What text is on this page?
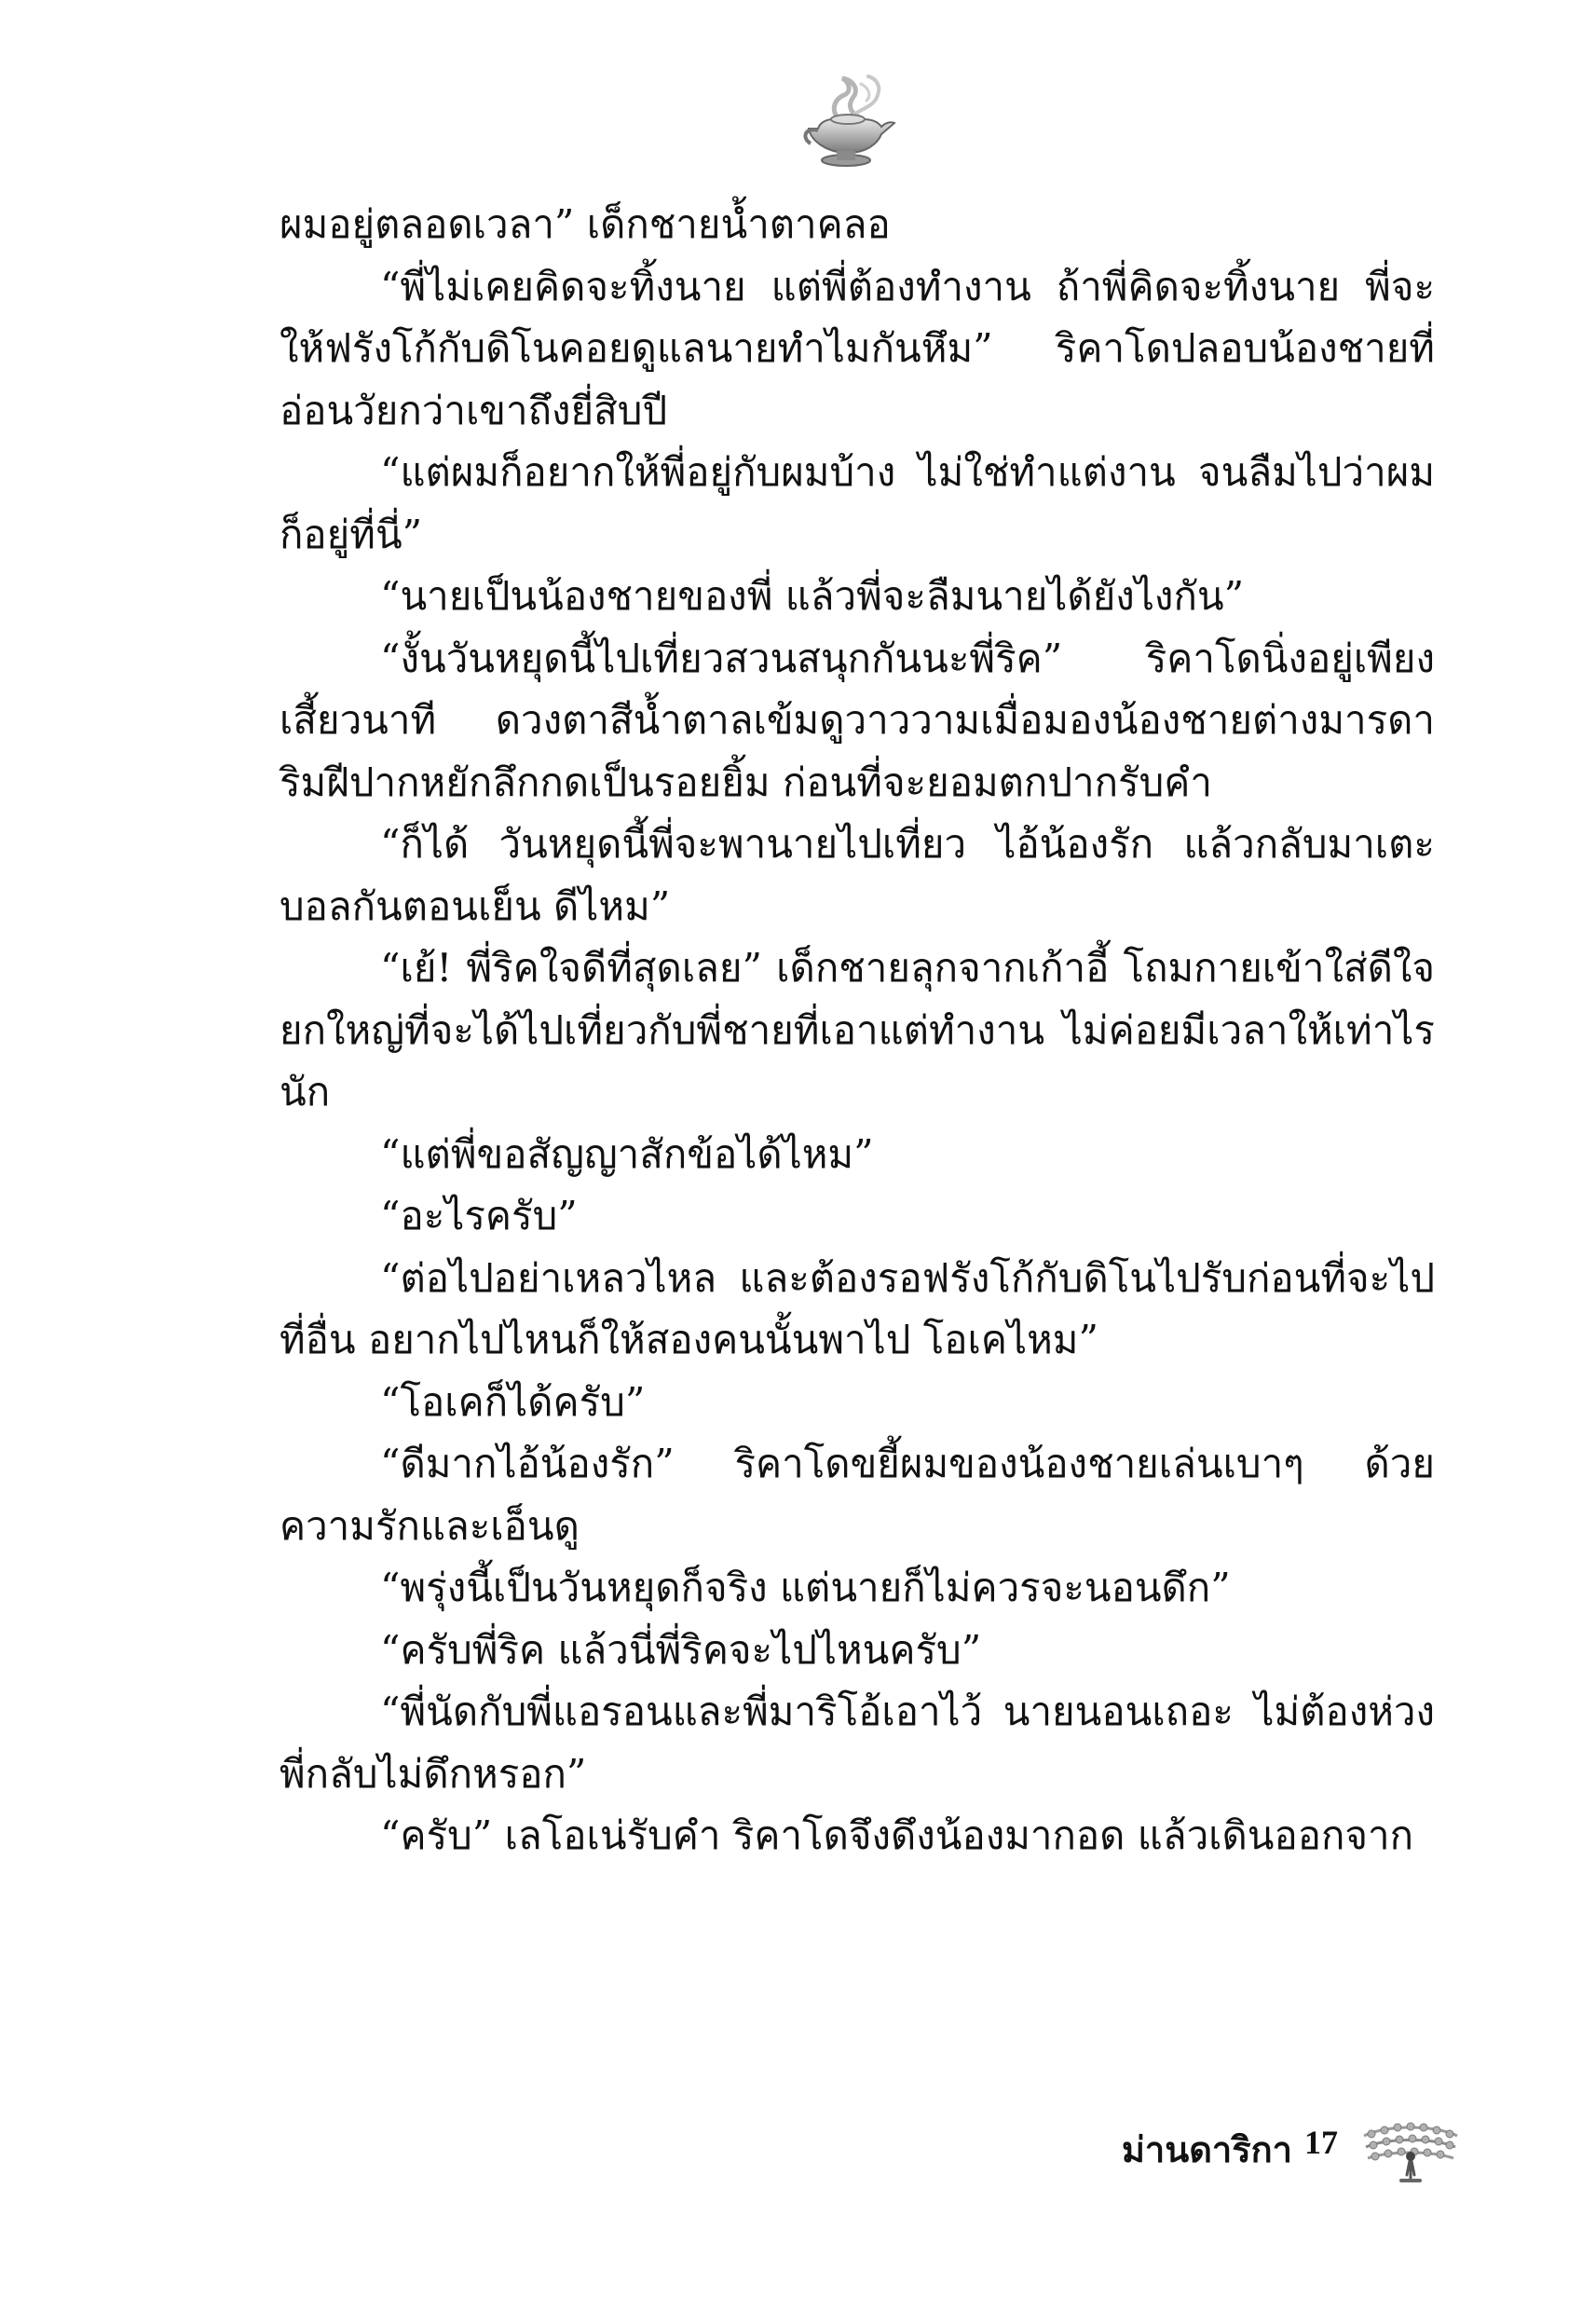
ผมอยู่ตลอดเวลา” เด็กชายน้ำตาคลอ

“พี่ไม่เคยคิดจะทิ้งนาย แต่พี่ต้องทำงาน ถ้าพี่คิดจะทิ้งนาย พี่จะให้ฟรังโก้กับดิโนคอยดูแลนายทำไมกันหึม” ริคาโดปลอบน้องชายที่อ่อนวัยกว่าเขาถึงยี่สิบปี

“แต่ผมก็อยากให้พี่อยู่กับผมบ้าง ไม่ใช่ทำแต่งาน จนลืมไปว่าผมก็อยู่ที่นี่”

“นายเป็นน้องชายของพี่ แล้วพี่จะลืมนายได้ยังไงกัน”

“งั้นวันหยุดนี้ไปเที่ยวสวนสนุกกันนะพี่ริค” ริคาโดนิ่งอยู่เพียงเสี้ยวนาที ดวงตาสีน้ำตาลเข้มดูวาววามเมื่อมองน้องชายต่างมารดา ริมฝีปากหยักลึกกดเป็นรอยยิ้ม ก่อนที่จะยอมตกปากรับคำ

“ก็ได้ วันหยุดนี้พี่จะพานายไปเที่ยว ไอ้น้องรัก แล้วกลับมาเตะบอลกันตอนเย็น ดีไหม”

“เย้! พี่ริคใจดีที่สุดเลย” เด็กชายลุกจากเก้าอี้ โถมกายเข้าใส่ดีใจยกใหญ่ที่จะได้ไปเที่ยวกับพี่ชายที่เอาแต่ทำงาน ไม่ค่อยมีเวลาให้เท่าไรนัก

“แต่พี่ขอสัญญาสักข้อได้ไหม”

“อะไรครับ”

“ต่อไปอย่าเหลวไหล และต้องรอฟรังโก้กับดิโนไปรับก่อนที่จะไปที่อื่น อยากไปไหนก็ให้สองคนนั้นพาไป โอเคไหม”

“โอเคก็ได้ครับ”

“ดีมากไอ้น้องรัก” ริคาโดขยี้ผมของน้องชายเล่นเบาๆ ด้วยความรักและเอ็นดู

“พรุ่งนี้เป็นวันหยุดก็จริง แต่นายก็ไม่ควรจะนอนดึก”

“ครับพี่ริค แล้วนี่พี่ริคจะไปไหนครับ”

“พี่นัดกับพี่แอรอนและพี่มาริโอ้เอาไว้ นายนอนเถอะ ไม่ต้องห่วงพี่กลับไม่ดึกหรอก”

“ครับ” เลโอเน่รับคำ ริคาโดจึงดึงน้องมากอด แล้วเดินออกจาก

ม่านดาริกา 17
